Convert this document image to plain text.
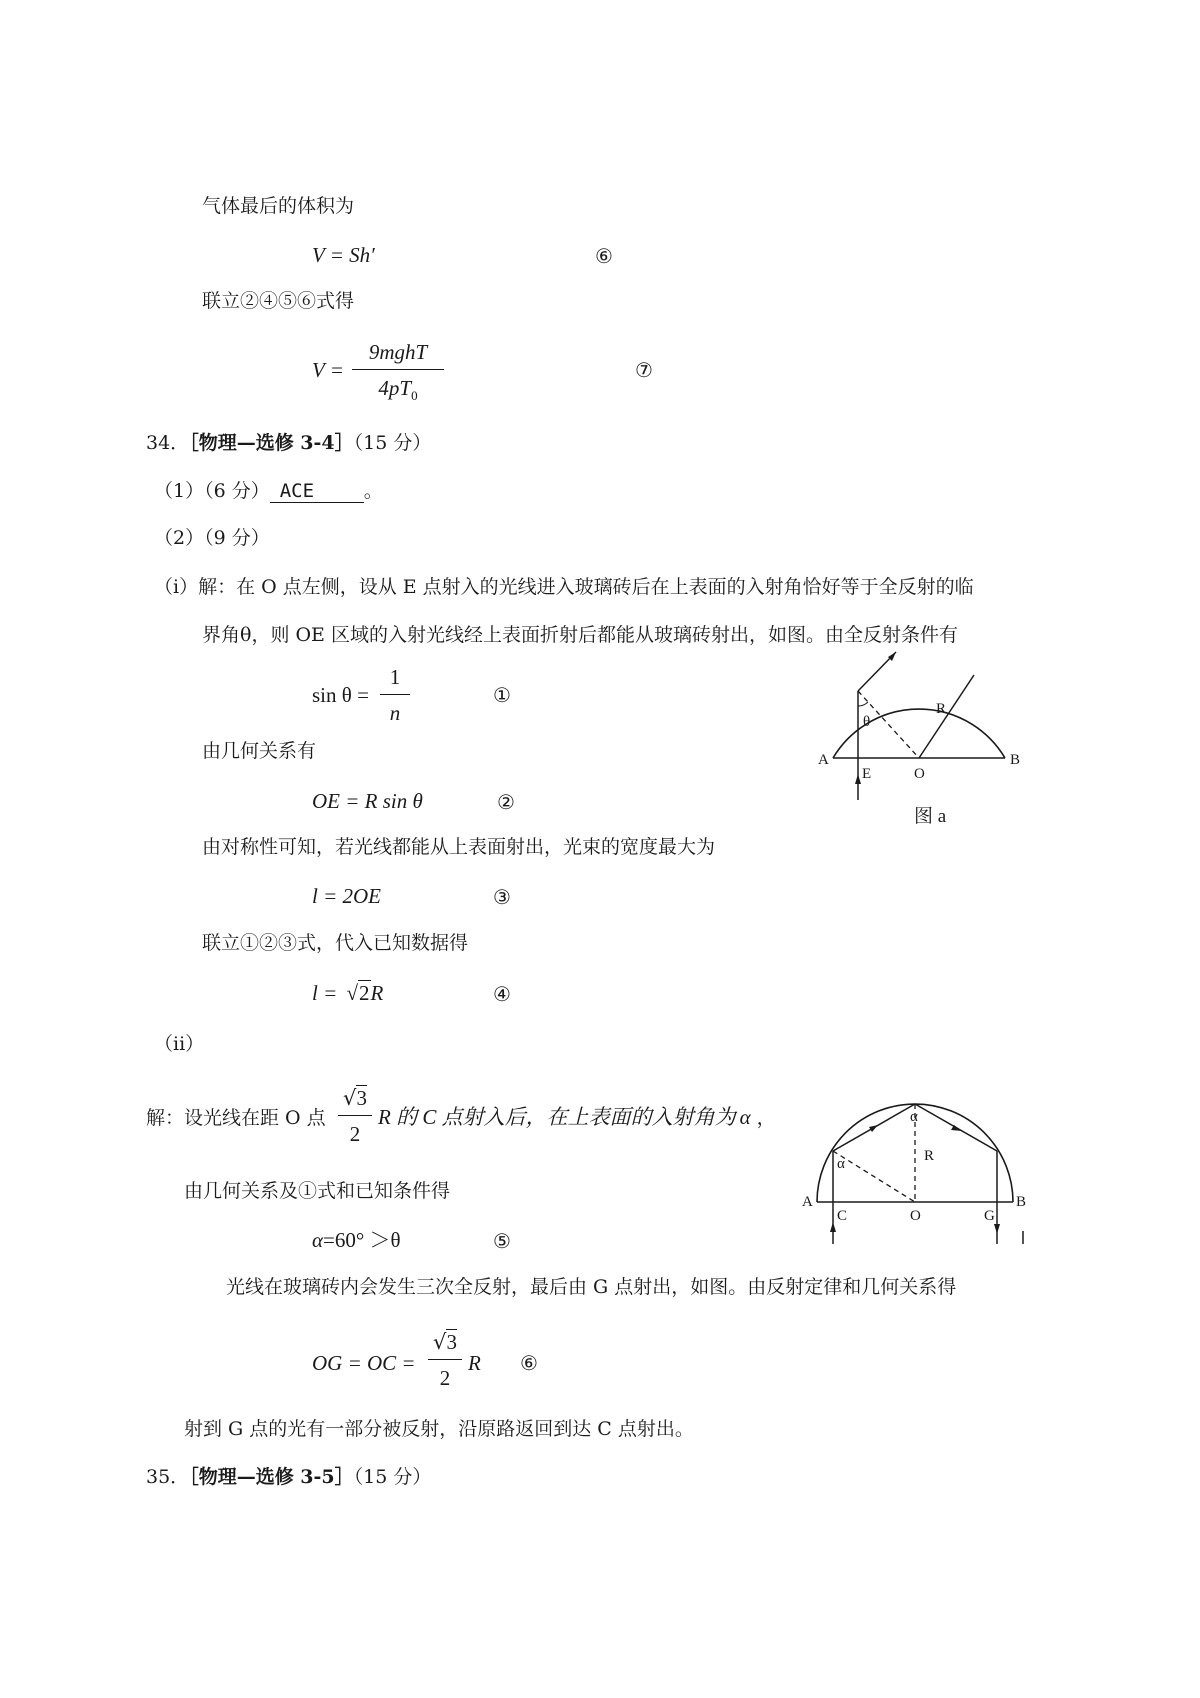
气体最后的体积为
V = Sh′	⑥
联立②④⑤⑥式得
V =
9mghT
$4pT_0$
⑦
34．［物理—选修 3-4］（15 分）
（1）（6 分） ACE	。
（2）（9 分）
（i）解：在 O 点左侧，设从 E 点射入的光线进入玻璃砖后在上表面的入射角恰好等于全反射的临
界角θ，则 OE 区域的入射光线经上表面折射后都能从玻璃砖射出，如图。由全反射条件有
$\sin \theta = \frac{1}{n}$	①
由几何关系有
OE = R sin θ	②
由对称性可知，若光线都能从上表面射出，光束的宽度最大为
l = 2OE	③
联立①②③式，代入已知数据得
l = √2R	④
（ii）
解：设光线在距 O 点 $\frac{√3}{2}$ R 的 C 点射入后，在上表面的入射角为 α ，
由几何关系及①式和已知条件得
α=60° ＞θ	⑤
光线在玻璃砖内会发生三次全反射，最后由 G 点射出，如图。由反射定律和几何关系得
OG = OC = $\frac{√3}{2}$ R ⑥
射到 G 点的光有一部分被反射，沿原路返回到达 C 点射出。
35．［物理—选修 3-5］（15 分）
θ
R
A	B
E	O
图 a
α
α
R
A	B
C	O	G
